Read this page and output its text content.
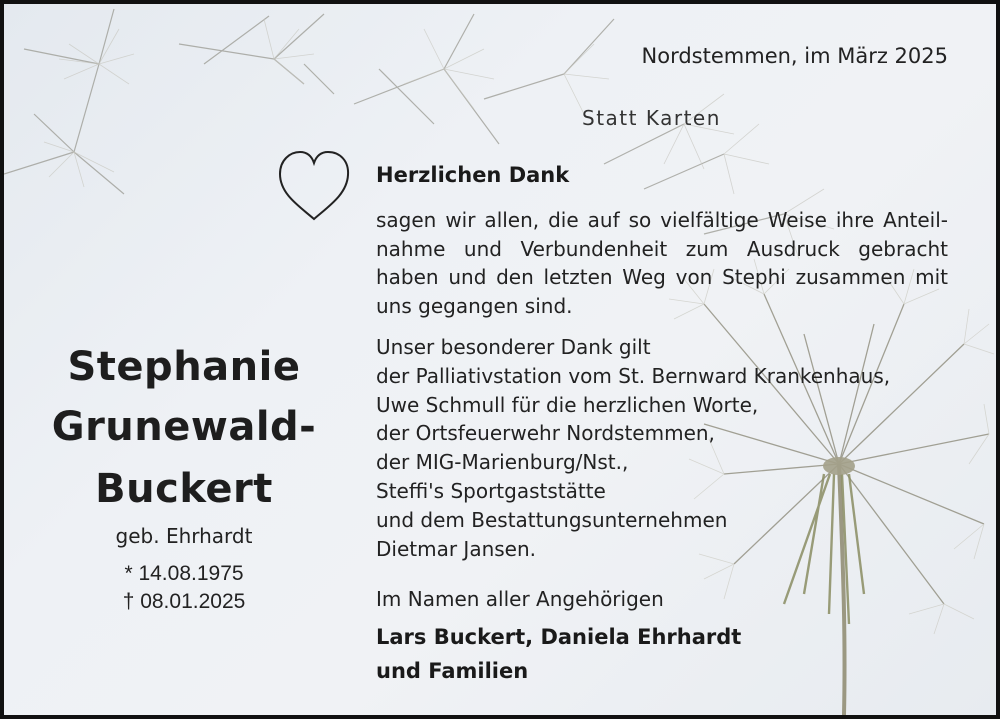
Nordstemmen, im März 2025
Statt Karten
Herzlichen Dank
sagen wir allen, die auf so vielfältige Weise ihre Anteil-
nahme und Verbundenheit zum Ausdruck gebracht
haben und den letzten Weg von Stephi zusammen mit
uns gegangen sind.
Unser besonderer Dank gilt
der Palliativstation vom St. Bernward Krankenhaus,
Uwe Schmull für die herzlichen Worte,
der Ortsfeuerwehr Nordstemmen,
der MIG-Marienburg/Nst.,
Steffi's Sportgaststätte
und dem Bestattungsunternehmen
Dietmar Jansen.
Im Namen aller Angehörigen
Lars Buckert, Daniela Ehrhardt
und Familien
Stephanie
Grunewald-
Buckert
geb. Ehrhardt
* 14.08.1975
† 08.01.2025
